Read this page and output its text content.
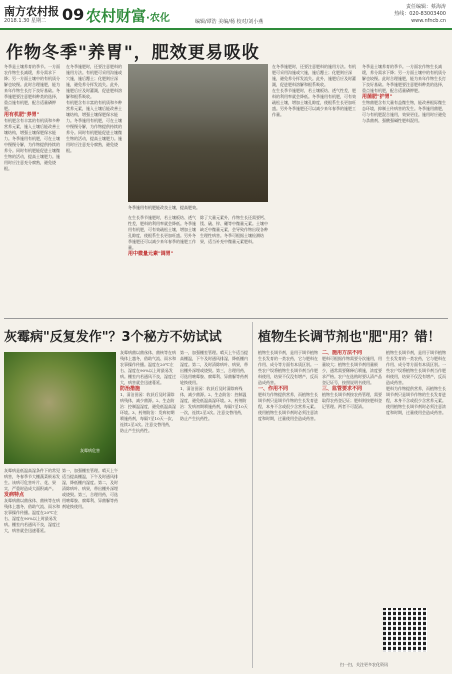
南方农村报
2018.1.30 星期二 09 农村财富·农化	编辑/谭浩 美编/杨 校对/刘小燕
责任编辑：蔡海涛
热线：020-83003400
www.nfncb.cn
作物冬季"养胃"，肥效更易吸收
冬季是土壤养育的季节。一方面农作物生长减缓，养分需求下降；另一方面土壤中的有机质分解也较慢。此时合理施肥，能为来年作物生长打下良好基础。冬季施肥要注意肥料种类的选择，重点施有机肥，配合适量磷钾肥。
用有机肥"养胃"
有机肥含有丰富的有机质和多种营养元素，施入土壤后能改善土壤结构，增强土壤保肥保水能力。冬季施用有机肥，可在土壤中慢慢分解，为作物提供持续的养分。同时有机肥能促进土壤微生物的活动，提高土壤肥力。施用时应注意充分腐熟，避免烧根。
在冬季施肥时，还要注意肥料的施用方法。有机肥可采用沟施或穴施，施后覆土；化肥则应深施，避免养分挥发流失。此外，施肥后应及时灌溉，促进肥料溶解和根系吸收。
有机肥含有丰富的有机质和多种营养元素，施入土壤后能改善土壤结构，增强土壤保肥保水能力。冬季施用有机肥，可在土壤中慢慢分解，为作物提供持续的养分。同时有机肥能促进土壤微生物的活动，提高土壤肥力。施用时应注意充分腐熟，避免烧根。
冬季施用有机肥能改良土壤，提高肥效。
在生长季节施肥时，若土壤板结、透气性差，肥料的利用率就会降低。冬季施用有机肥，可有效疏松土壤，增加土壤孔隙度，使根系生长更加旺盛。另外冬季施肥还可以减少来年春季的施肥工作量。
用中微量元素"调胃"
除了大量元素外，作物生长还需要钙、镁、硫、锌、硼等中微量元素。土壤中缺乏中微量元素，会导致作物出现各种生理性病害。冬季可根据土壤检测结果，适当补充中微量元素肥料。
在冬季施肥时，还要注意肥料的施用方法。有机肥可采用沟施或穴施，施后覆土；化肥则应深施，避免养分挥发流失。此外，施肥后应及时灌溉，促进肥料溶解和根系吸收。
在生长季节施肥时，若土壤板结、透气性差，肥料的利用率就会降低。冬季施用有机肥，可有效疏松土壤，增加土壤孔隙度，使根系生长更加旺盛。另外冬季施肥还可以减少来年春季的施肥工作量。
冬季是土壤养育的季节。一方面农作物生长减缓，养分需求下降；另一方面土壤中的有机质分解也较慢。此时合理施肥，能为来年作物生长打下良好基础。冬季施肥要注意肥料种类的选择，重点施有机肥，配合适量磷钾肥。
用菌肥"护胃"
生物菌肥含有大量有益微生物，能改善根际微生态环境，抑制土传病害的发生。冬季施用菌肥，可与有机肥混合施用，效果更佳。施用时应避免与杀菌剂、强酸强碱性肥料混用。
灰霉病"反复发作"？3个秘方不妨试试
灰霉病危害
灰霉病是低温高湿条件下的常见病害，冬春季节大棚蔬菜极易发生。该病可危害叶片、花、果实，严重时造成大面积减产。
发病特点
灰霉病菌以菌丝体、菌核等在病残体上越冬，借助气流、雨水和农事操作传播。温度在20℃左右、湿度在90%以上时最易发病。棚室内若通风不良，湿度过大，病害就会迅速蔓延。
第一，加强棚室管理。晴天上午适当提高棚温，下午及时通风排湿，降低棚内湿度。第二，及时清除病叶、病果，带出棚外深埋或烧毁。第三，合理用药，可选用嘧霉胺、腐霉利、异菌脲等药剂轮换使用。
灰霉病菌以菌丝体、菌核等在病残体上越冬，借助气流、雨水和农事操作传播。温度在20℃左右、湿度在90%以上时最易发病。棚室内若通风不良，湿度过大，病害就会迅速蔓延。
防治措施
1、清洁田园：收获后及时清除病残体，减少菌源。2、生态防治：控制温湿度，避免低温高湿环境。3、药剂防治：发病初期喷施药剂，每隔7至10天一次，连续2至3次。注意交替用药，防止产生抗药性。
第一，加强棚室管理。晴天上午适当提高棚温，下午及时通风排湿，降低棚内湿度。第二，及时清除病叶、病果，带出棚外深埋或烧毁。第三，合理用药，可选用嘧霉胺、腐霉利、异菌脲等药剂轮换使用。
1、清洁田园：收获后及时清除病残体，减少菌源。2、生态防治：控制温湿度，避免低温高湿环境。3、药剂防治：发病初期喷施药剂，每隔7至10天一次，连续2至3次。注意交替用药，防止产生抗药性。
植物生长调节剂也"肥"用？错！
植物生长调节剂，是用于调节植物生长发育的一类农药，它与肥料在作用、成分等方面有本质区别。一些农户误将植物生长调节剂当作肥料使用，结果不仅没有增产，反而造成药害。
一、作用不同
肥料为作物提供营养，而植物生长调节剂只是调节作物的生长发育进程，本身不含或很少含营养元素。使用植物生长调节剂时必须注意浓度和时期，过量使用会造成药害。
二、施用方法不同
肥料可根据作物需要分次施用，用量较大；植物生长调节剂用量极少，通常需要稀释后喷施，浓度要求严格。农户在选购时要认清产品登记证号，按照说明书使用。
三、监管要求不同
植物生长调节剂按农药管理，需要取得农药登记证；肥料则按肥料登记管理。两者不可混淆。
植物生长调节剂，是用于调节植物生长发育的一类农药，它与肥料在作用、成分等方面有本质区别。一些农户误将植物生长调节剂当作肥料使用，结果不仅没有增产，反而造成药害。
肥料为作物提供营养，而植物生长调节剂只是调节作物的生长发育进程，本身不含或很少含营养元素。使用植物生长调节剂时必须注意浓度和时期，过量使用会造成药害。
扫一扫，关注更多农化资讯
